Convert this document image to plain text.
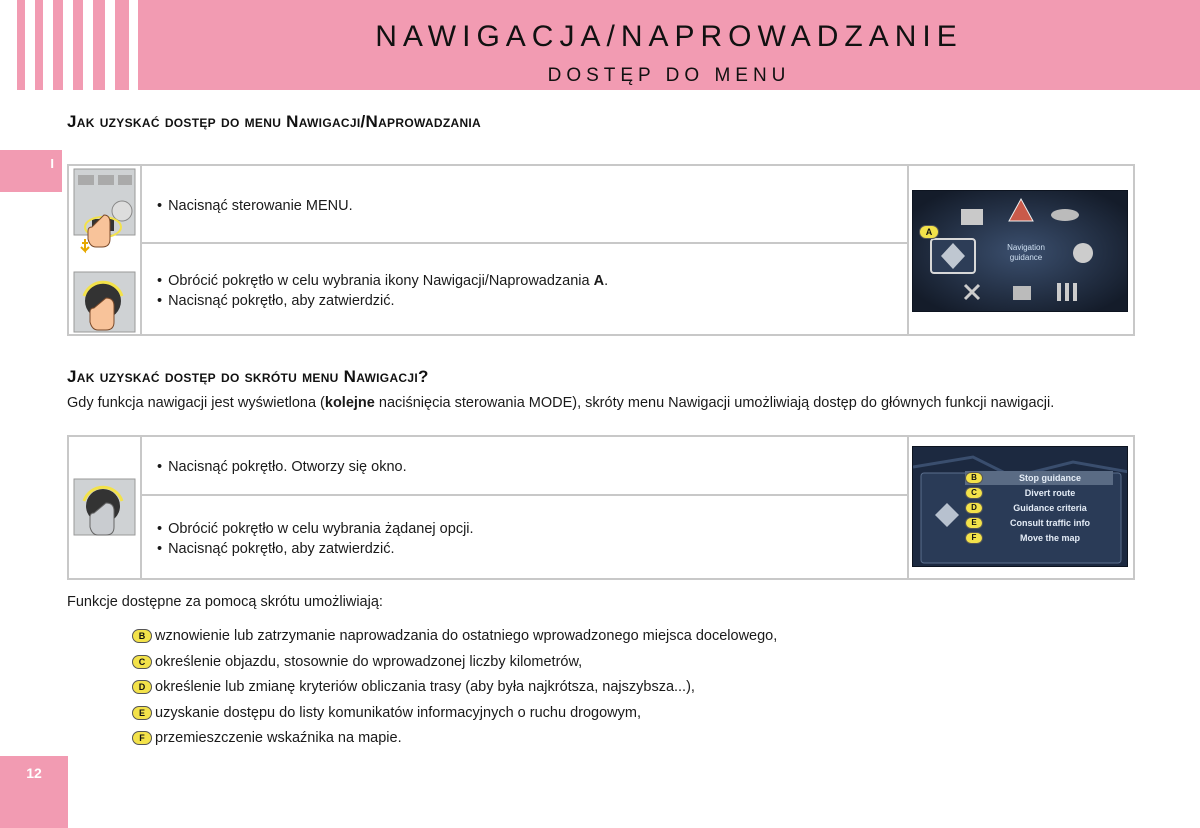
NAWIGACJA/NAPROWADZANIE
DOSTĘP DO MENU
I
Jak uzyskać dostęp do menu Nawigacji/Naprowadzania
• Nacisnąć sterowanie MENU.
• Obrócić pokrętło w celu wybrania ikony Nawigacji/Naprowadzania A.
• Nacisnąć pokrętło, aby zatwierdzić.
Navigation
guidance
A
Jak uzyskać dostęp do skrótu menu Nawigacji?
Gdy funkcja nawigacji jest wyświetlona (kolejne naciśnięcia sterowania MODE), skróty menu Nawigacji umożliwiają dostęp do głównych funkcji nawigacji.
• Nacisnąć pokrętło. Otworzy się okno.
• Obrócić pokrętło w celu wybrania żądanej opcji.
• Nacisnąć pokrętło, aby zatwierdzić.
B	Stop guidance
C	Divert route
D	Guidance criteria
E	Consult traffic info
F	Move the map
Funkcje dostępne za pomocą skrótu umożliwiają:
B wznowienie lub zatrzymanie naprowadzania do ostatniego wprowadzonego miejsca docelowego,
C określenie objazdu, stosownie do wprowadzonej liczby kilometrów,
D określenie lub zmianę kryteriów obliczania trasy (aby była najkrótsza, najszybsza...),
E uzyskanie dostępu do listy komunikatów informacyjnych o ruchu drogowym,
F przemieszczenie wskaźnika na mapie.
12
